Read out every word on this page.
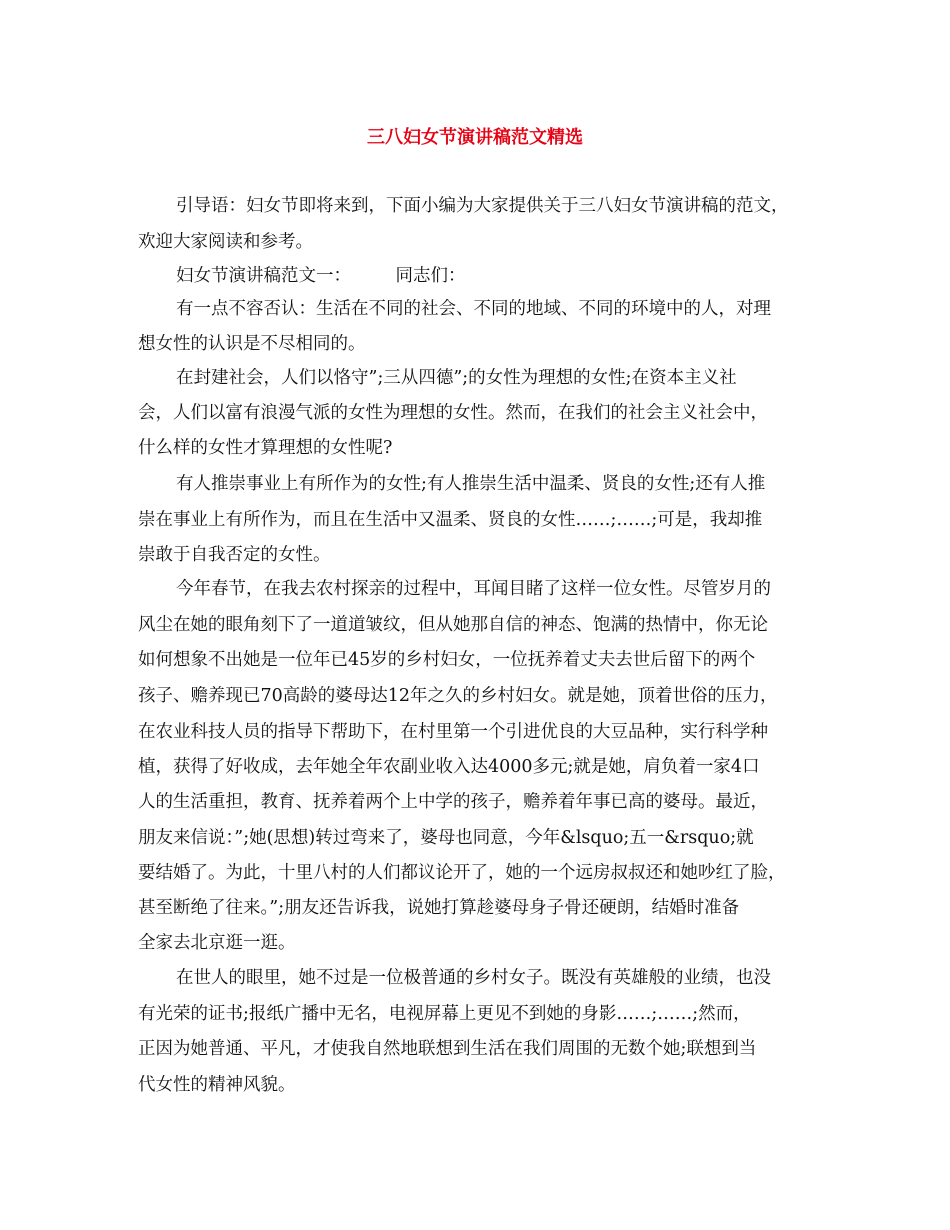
三八妇女节演讲稿范文精选
引导语：妇女节即将来到，下面小编为大家提供关于三八妇女节演讲稿的范文，
欢迎大家阅读和参考。
妇女节演讲稿范文一：        同志们：
有一点不容否认：生活在不同的社会、不同的地域、不同的环境中的人，对理
想女性的认识是不尽相同的。
在封建社会，人们以恪守”;三从四德”;的女性为理想的女性;在资本主义社
会，人们以富有浪漫气派的女性为理想的女性。然而，在我们的社会主义社会中，
什么样的女性才算理想的女性呢?
有人推崇事业上有所作为的女性;有人推崇生活中温柔、贤良的女性;还有人推
崇在事业上有所作为，而且在生活中又温柔、贤良的女性……;……;可是，我却推
崇敢于自我否定的女性。
今年春节，在我去农村探亲的过程中，耳闻目睹了这样一位女性。尽管岁月的
风尘在她的眼角刻下了一道道皱纹，但从她那自信的神态、饱满的热情中，你无论
如何想象不出她是一位年已45岁的乡村妇女，一位抚养着丈夫去世后留下的两个
孩子、赡养现已70高龄的婆母达12年之久的乡村妇女。就是她，顶着世俗的压力，
在农业科技人员的指导下帮助下，在村里第一个引进优良的大豆品种，实行科学种
植，获得了好收成，去年她全年农副业收入达4000多元;就是她，肩负着一家4口
人的生活重担，教育、抚养着两个上中学的孩子，赡养着年事已高的婆母。最近，
朋友来信说：”;她(思想)转过弯来了，婆母也同意，今年&lsquo;五一&rsquo;就
要结婚了。为此，十里八村的人们都议论开了，她的一个远房叔叔还和她吵红了脸，
甚至断绝了往来。”;朋友还告诉我，说她打算趁婆母身子骨还硬朗，结婚时准备
全家去北京逛一逛。
在世人的眼里，她不过是一位极普通的乡村女子。既没有英雄般的业绩，也没
有光荣的证书;报纸广播中无名，电视屏幕上更见不到她的身影……;……;然而，
正因为她普通、平凡，才使我自然地联想到生活在我们周围的无数个她;联想到当
代女性的精神风貌。
